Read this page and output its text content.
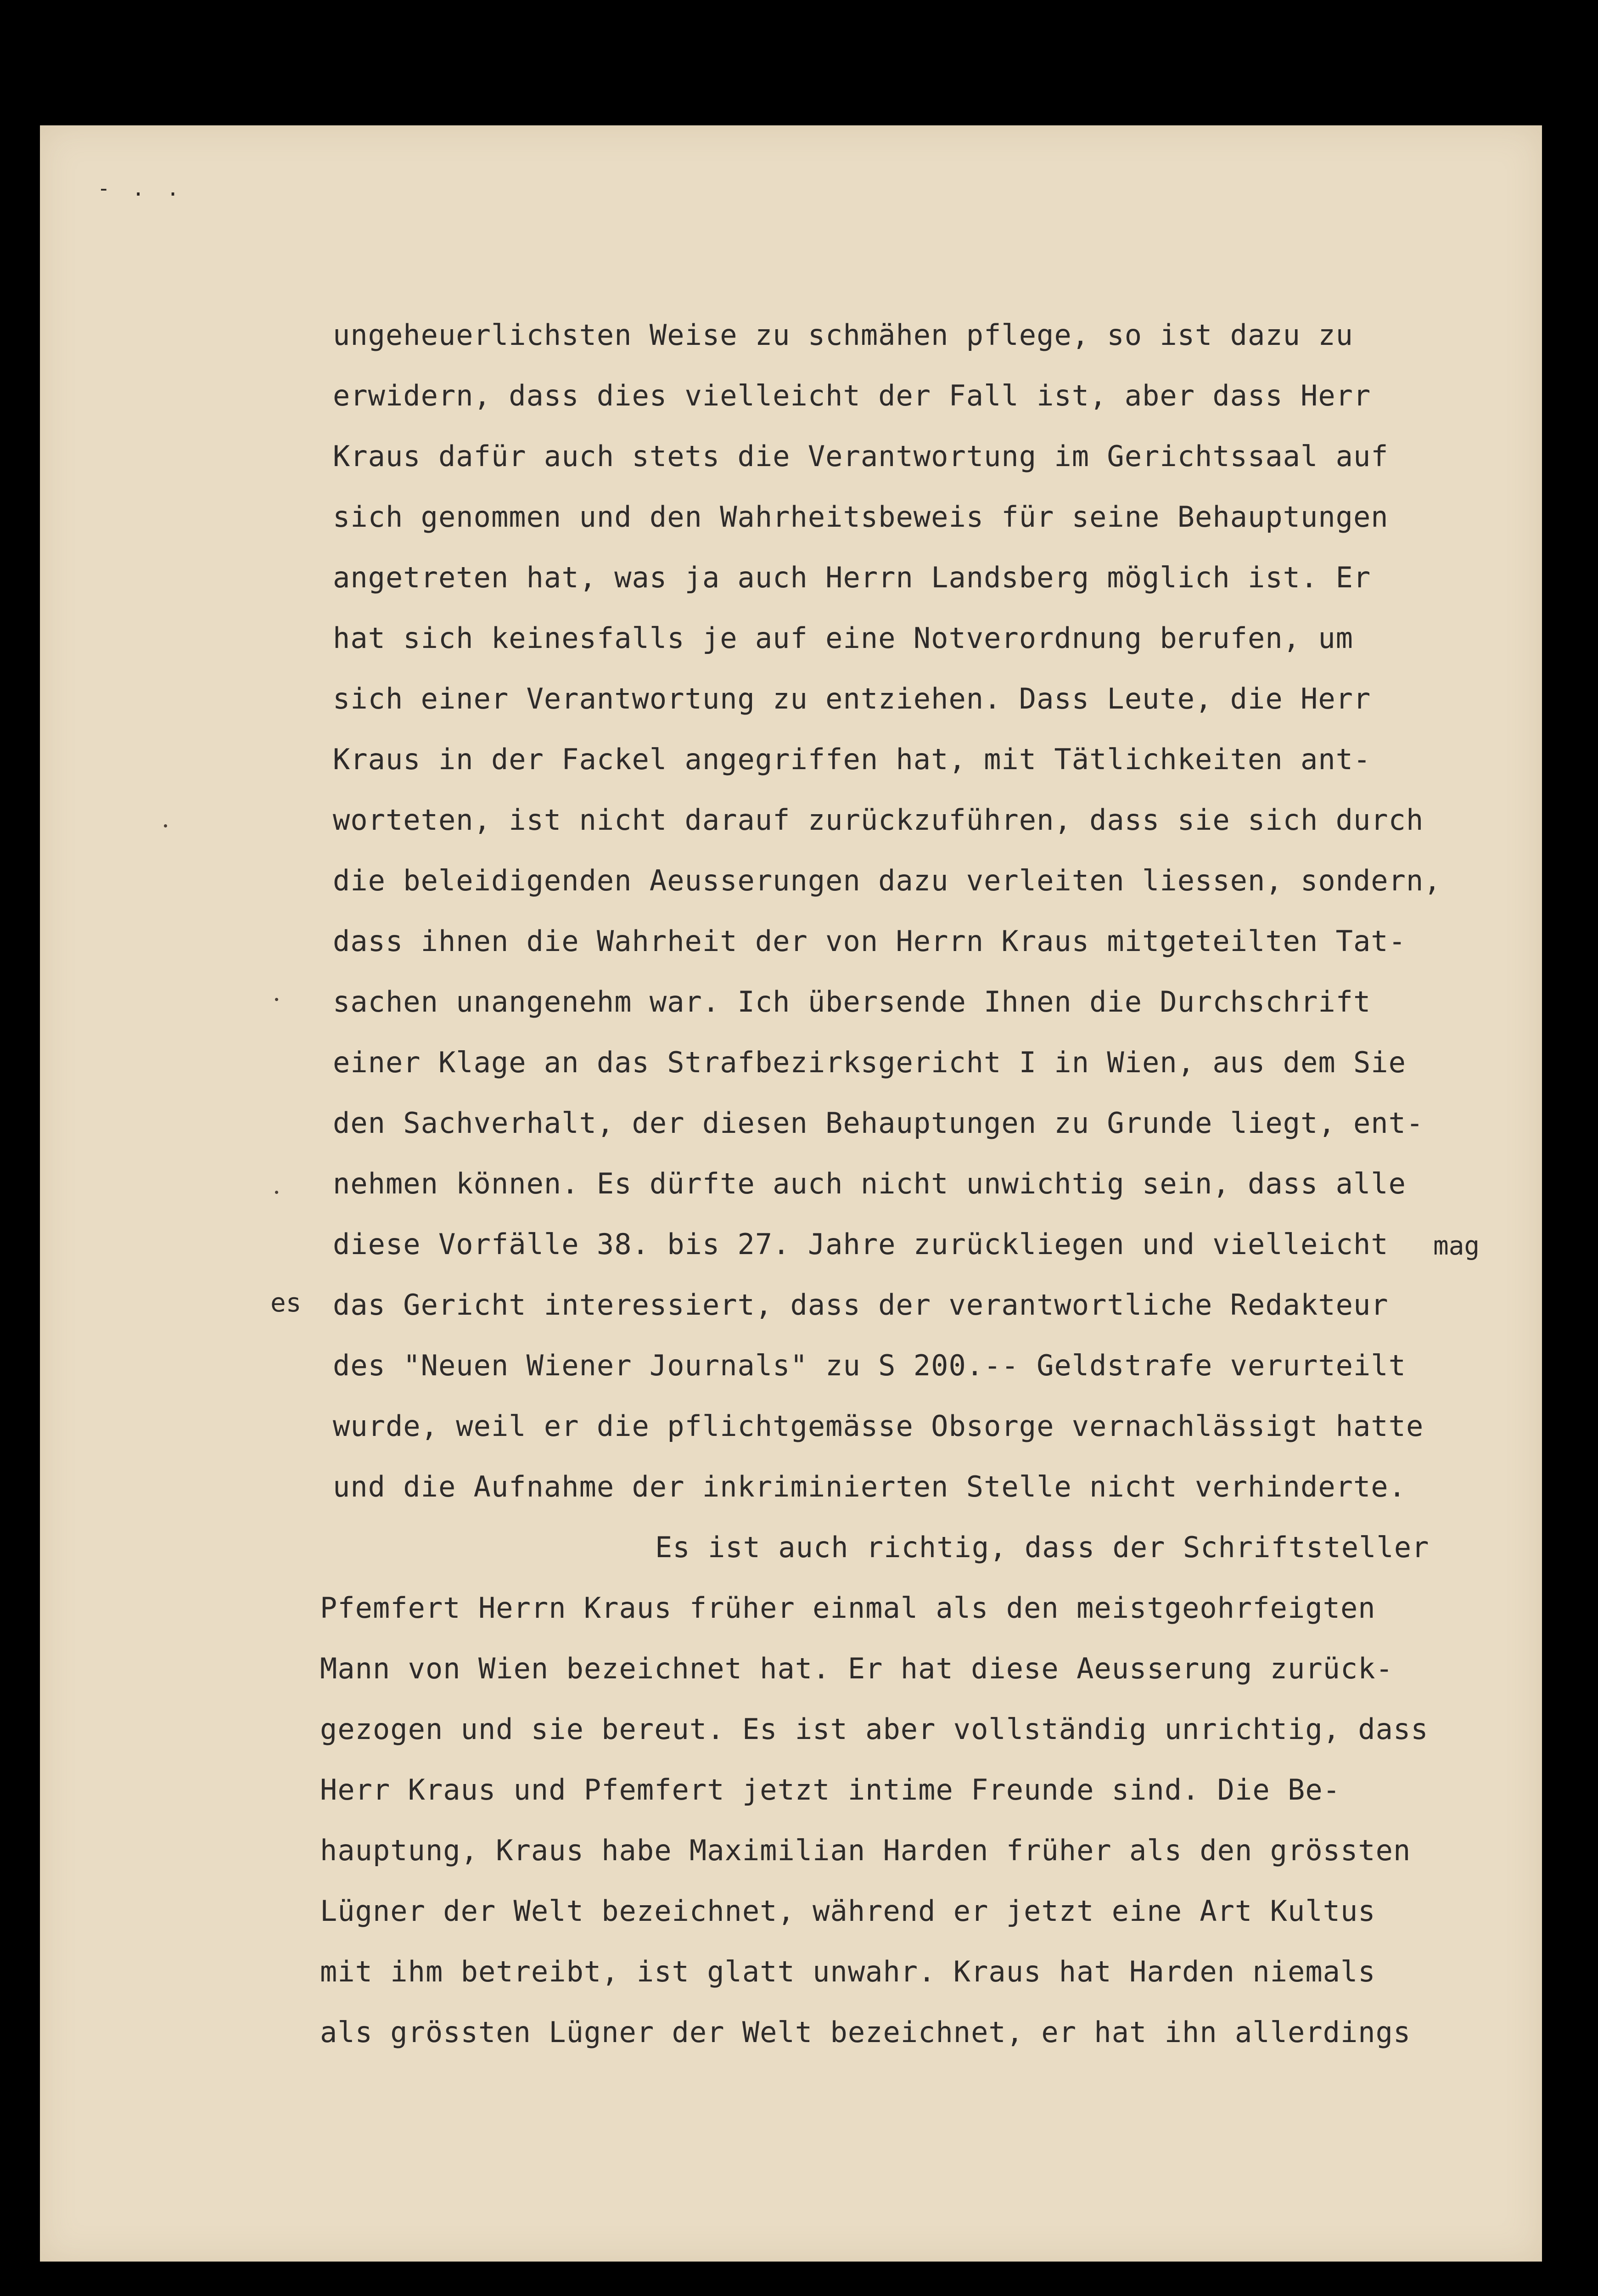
- . .
ungeheuerlichsten Weise zu schmähen pflege, so ist dazu zu
erwidern, dass dies vielleicht der Fall ist, aber dass Herr
Kraus dafür auch stets die Verantwortung im Gerichtssaal auf
sich genommen und den Wahrheitsbeweis für seine Behauptungen
angetreten hat, was ja auch Herrn Landsberg möglich ist. Er
hat sich keinesfalls je auf eine Notverordnung berufen, um
sich einer Verantwortung zu entziehen. Dass Leute, die Herr
Kraus in der Fackel angegriffen hat, mit Tätlichkeiten ant-
worteten, ist nicht darauf zurückzuführen, dass sie sich durch
die beleidigenden Aeusserungen dazu verleiten liessen, sondern,
dass ihnen die Wahrheit der von Herrn Kraus mitgeteilten Tat-
sachen unangenehm war. Ich übersende Ihnen die Durchschrift
einer Klage an das Strafbezirksgericht I in Wien, aus dem Sie
den Sachverhalt, der diesen Behauptungen zu Grunde liegt, ent-
nehmen können. Es dürfte auch nicht unwichtig sein, dass alle
diese Vorfälle 38. bis 27. Jahre zurückliegen und vielleicht mag
es das Gericht interessiert, dass der verantwortliche Redakteur
des "Neuen Wiener Journals" zu S 200.-- Geldstrafe verurteilt
wurde, weil er die pflichtgemässe Obsorge vernachlässigt hatte
und die Aufnahme der inkriminierten Stelle nicht verhinderte.
Es ist auch richtig, dass der Schriftsteller
Pfemfert Herrn Kraus früher einmal als den meistgeohrfeigten
Mann von Wien bezeichnet hat. Er hat diese Aeusserung zurück-
gezogen und sie bereut. Es ist aber vollständig unrichtig, dass
Herr Kraus und Pfemfert jetzt intime Freunde sind. Die Be-
hauptung, Kraus habe Maximilian Harden früher als den grössten
Lügner der Welt bezeichnet, während er jetzt eine Art Kultus
mit ihm betreibt, ist glatt unwahr. Kraus hat Harden niemals
als grössten Lügner der Welt bezeichnet, er hat ihn allerdings
